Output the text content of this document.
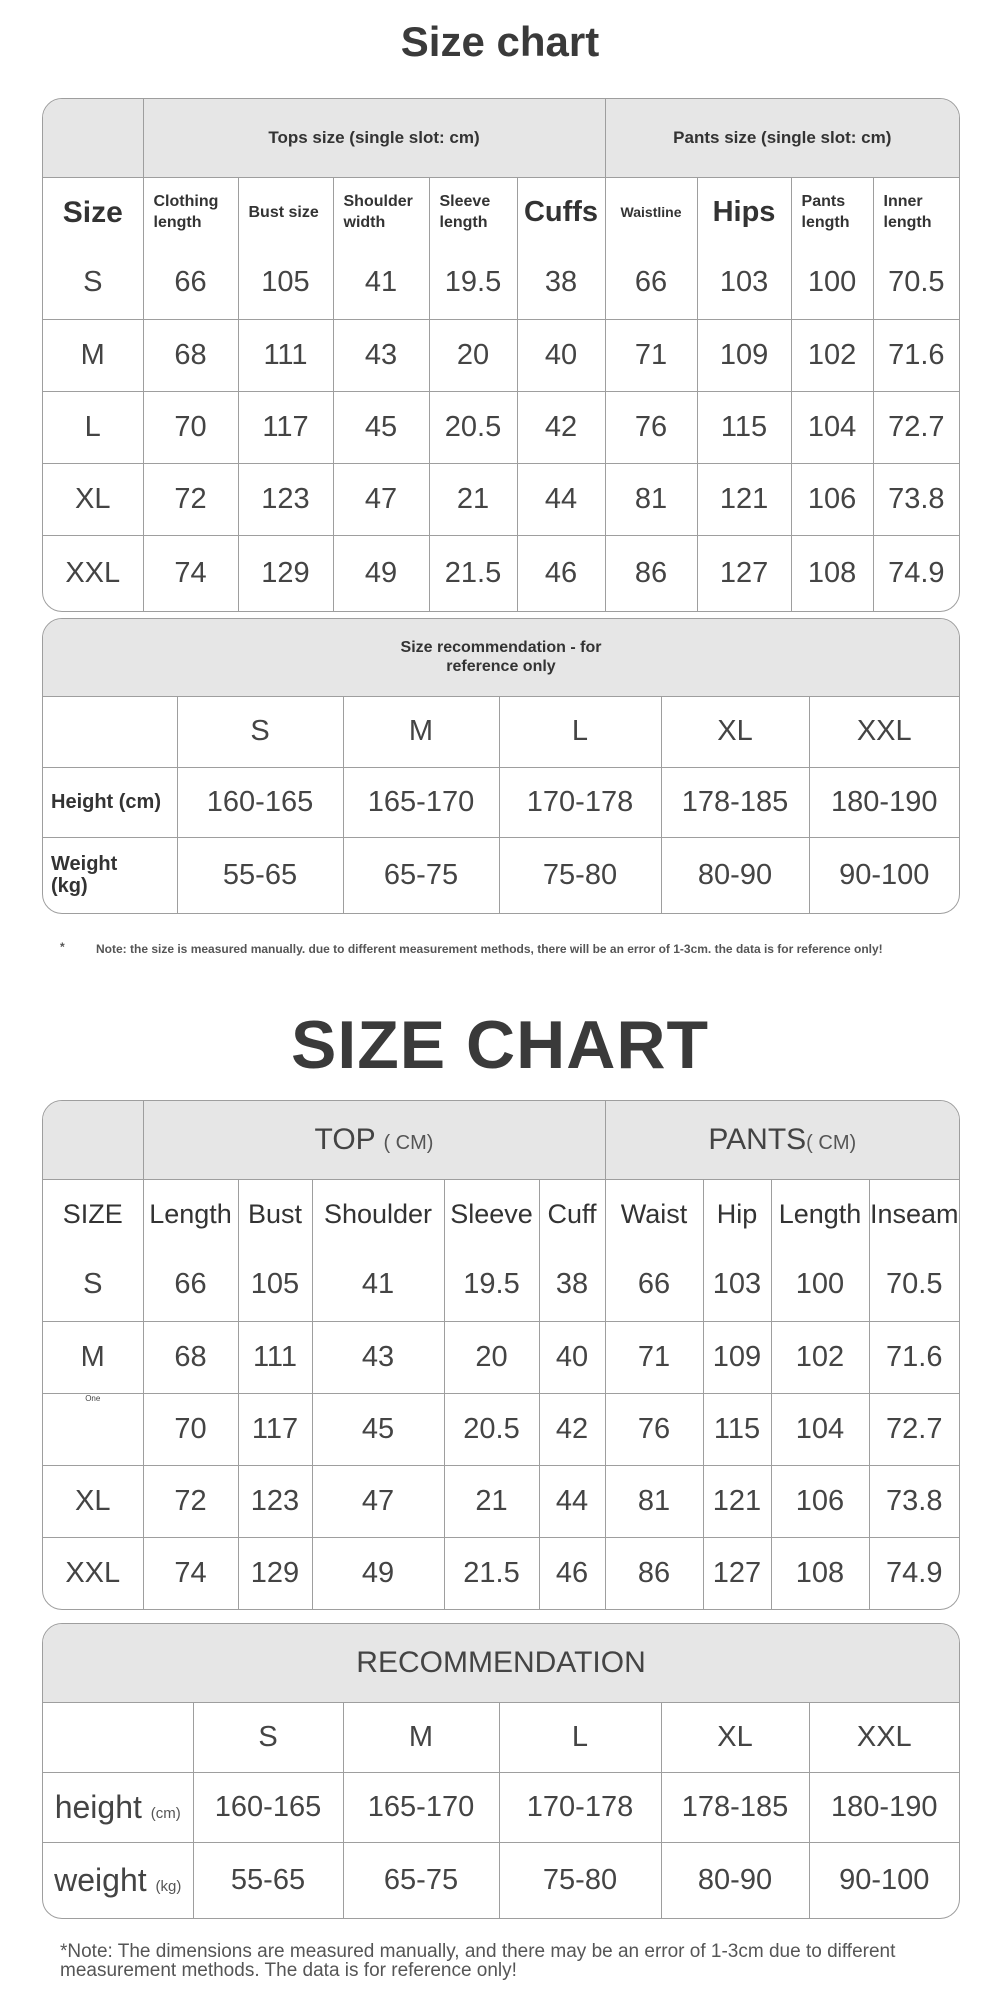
Size chart
	Tops size (single slot: cm)					Pants size (single slot: cm)			
Size	Clothing length	Bust size	Shoulder width	Sleeve length	Cuffs	Waistline	Hips	Pants length	Inner length
S	66	105	41	19.5	38	66	103	100	70.5
M	68	111	43	20	40	71	109	102	71.6
L	70	117	45	20.5	42	76	115	104	72.7
XL	72	123	47	21	44	81	121	106	73.8
XXL	74	129	49	21.5	46	86	127	108	74.9
Size recommendation - for reference only					

	S	M	L	XL	XXL
Height (cm)	160-165	165-170	170-178	178-185	180-190

Weight (kg)	55-65	65-75	75-80	80-90	90-100
*	Note: the size is measured manually. due to different measurement methods, there will be an error of 1-3cm. the data is for reference only!
SIZE CHART
	TOP ( CM)					PANTS( CM)			
SIZE	Length	Bust	Shoulder	Sleeve	Cuff	Waist	Hip	Length	Inseam
S	66	105	41	19.5	38	66	103	100	70.5
M	68	111	43	20	40	71	109	102	71.6
One	70	117	45	20.5	42	76	115	104	72.7
XL	72	123	47	21	44	81	121	106	73.8
XXL	74	129	49	21.5	46	86	127	108	74.9
RECOMMENDATION					
	S	M	L	XL	XXL
height (cm)	160-165	165-170	170-178	178-185	180-190
weight (kg)	55-65	65-75	75-80	80-90	90-100
*Note: The dimensions are measured manually, and there may be an error of 1-3cm due to different measurement methods. The data is for reference only!
